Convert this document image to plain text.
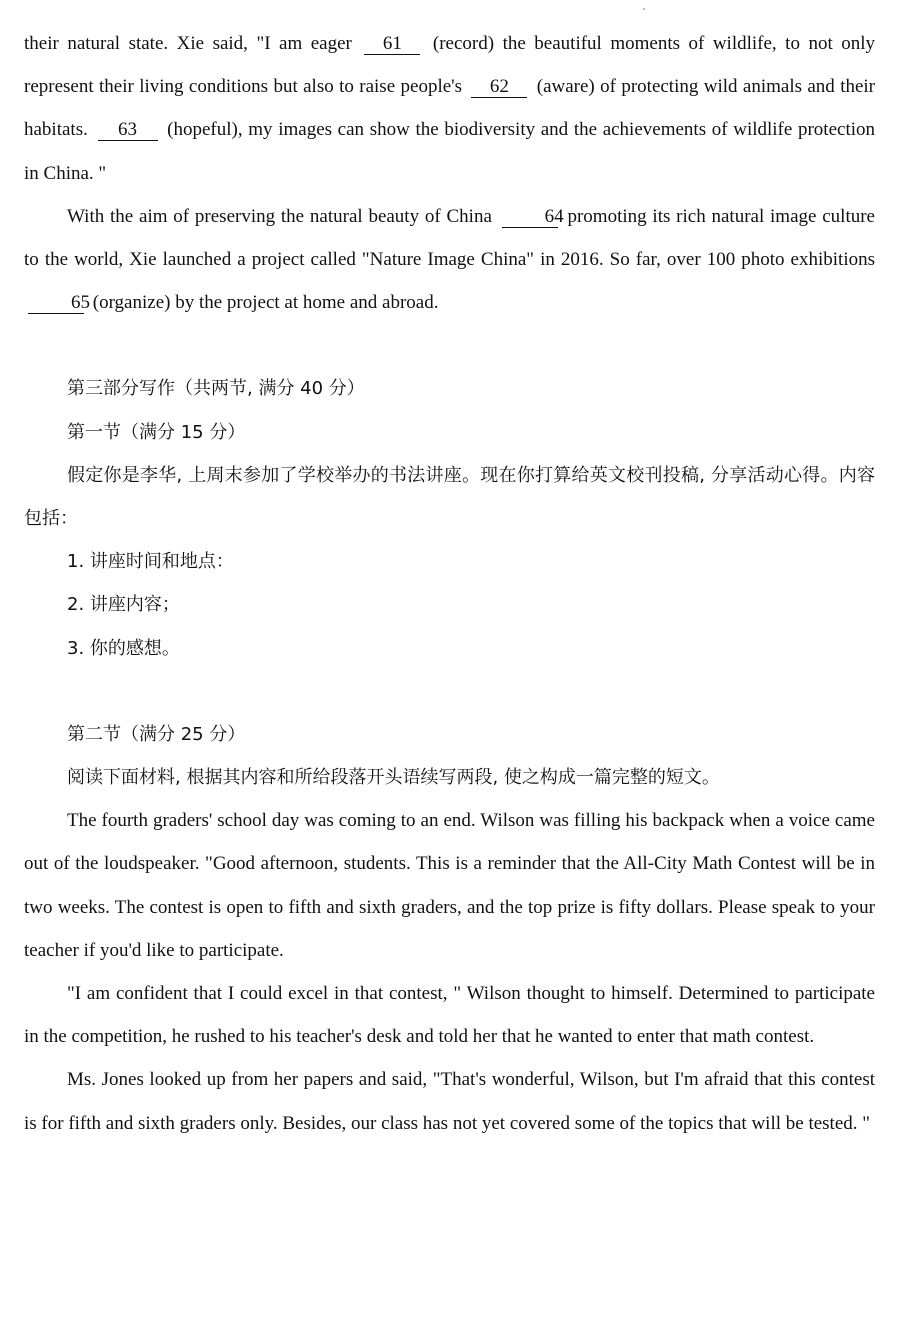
their natural state. Xie said, "I am eager 61 (record) the beautiful moments of wildlife, to not only represent their living conditions but also to raise people's 62 (aware) of protecting wild animals and their habitats. 63 (hopeful), my images can show the biodiversity and the achievements of wildlife protection in China. "

With the aim of preserving the natural beauty of China	64 promoting its rich natural image culture to the world, Xie launched a project called "Nature Image China" in 2016. So far, over 100 photo exhibitions 65 (organize) by the project at home and abroad.

第三部分写作（共两节, 满分 40 分）

第一节（满分 15 分）

假定你是李华, 上周末参加了学校举办的书法讲座。现在你打算给英文校刊投稿, 分享活动心得。内容包括：

1. 讲座时间和地点：

2. 讲座内容；

3. 你的感想。

第二节（满分 25 分）

阅读下面材料, 根据其内容和所给段落开头语续写两段, 使之构成一篇完整的短文。

The fourth graders' school day was coming to an end. Wilson was filling his backpack when a voice came out of the loudspeaker. "Good afternoon, students. This is a reminder that the All-City Math Contest will be in two weeks. The contest is open to fifth and sixth graders, and the top prize is fifty dollars. Please speak to your teacher if you'd like to participate.

"I am confident that I could excel in that contest, " Wilson thought to himself. Determined to participate in the competition, he rushed to his teacher's desk and told her that he wanted to enter that math contest.

Ms. Jones looked up from her papers and said, "That's wonderful, Wilson, but I'm afraid that this contest is for fifth and sixth graders only. Besides, our class has not yet covered some of the topics that will be tested. "
